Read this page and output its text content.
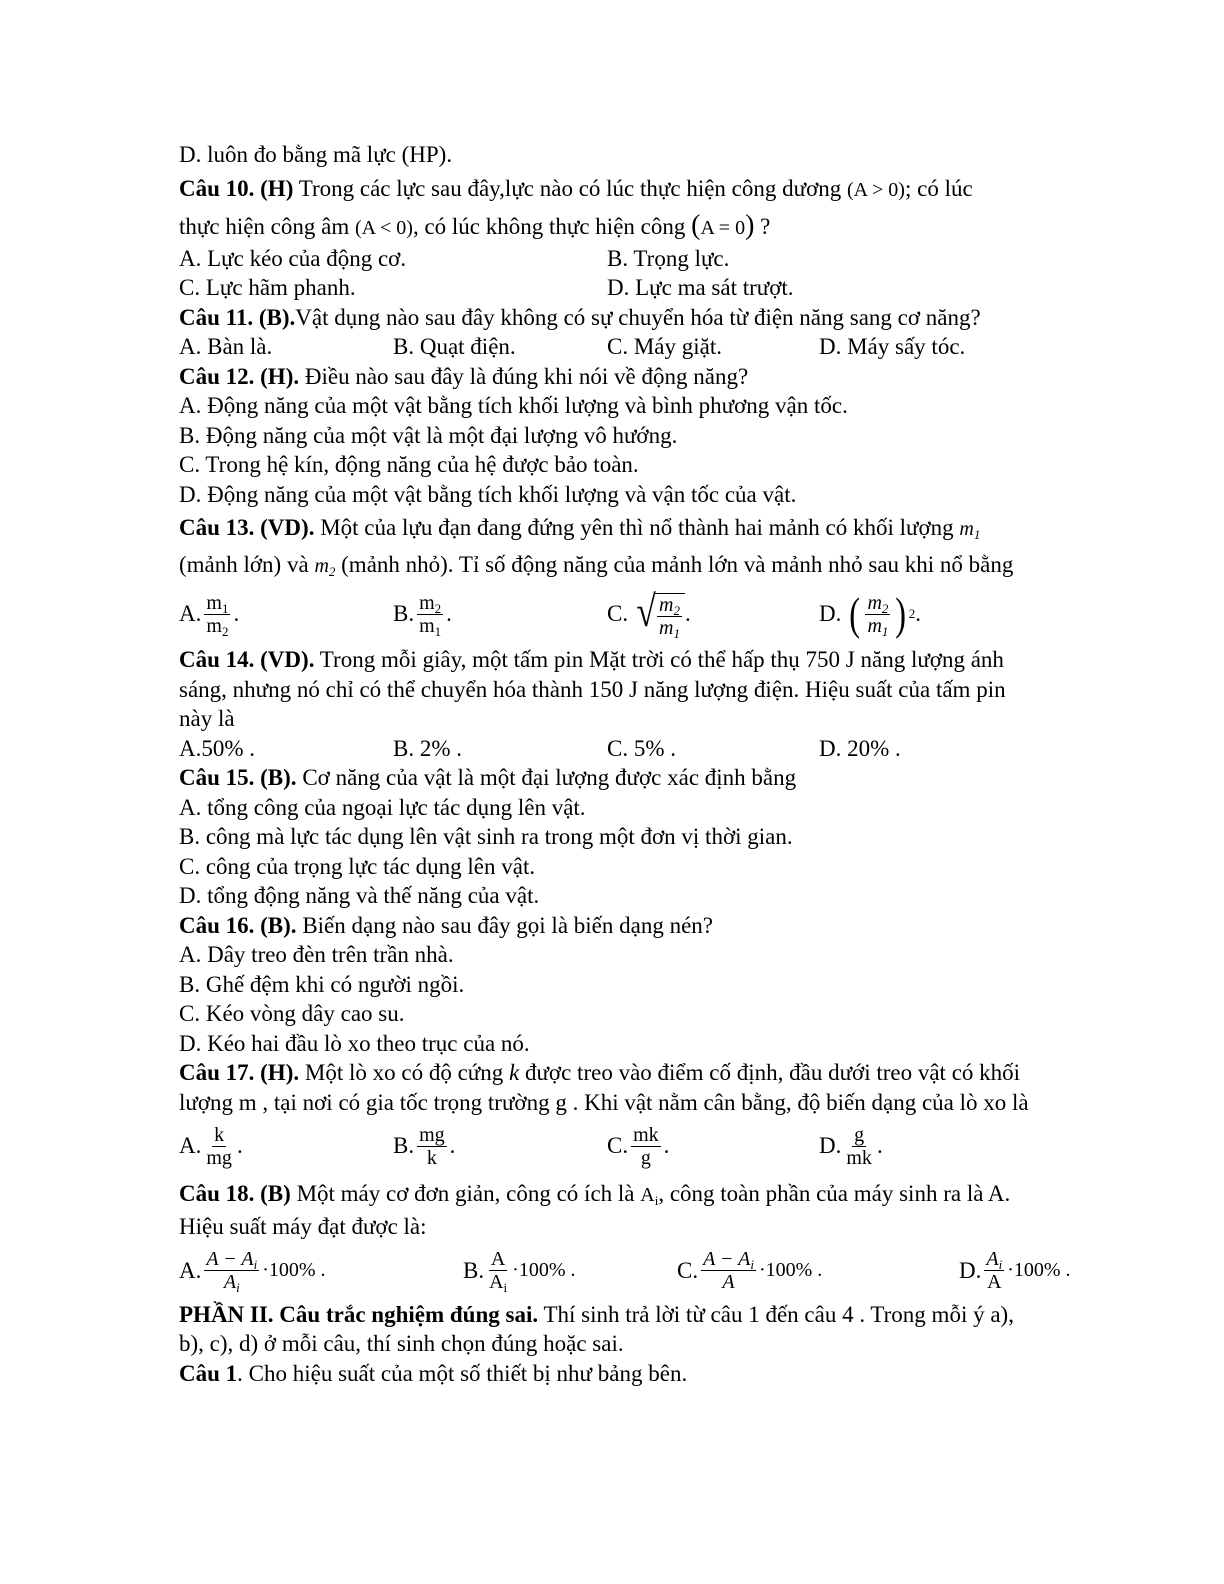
D. luôn đo bằng mã lực (HP).
Câu 10. (H) Trong các lực sau đây,lực nào có lúc thực hiện công dương (A > 0); có lúc
thực hiện công âm (A < 0), có lúc không thực hiện công (A = 0) ?
A. Lực kéo của động cơ.	B. Trọng lực.
C. Lực hãm phanh.	D. Lực ma sát trượt.
Câu 11. (B).Vật dụng nào sau đây không có sự chuyển hóa từ điện năng sang cơ năng?
A. Bàn là.	B. Quạt điện.	C. Máy giặt.	D. Máy sấy tóc.
Câu 12. (H). Điều nào sau đây là đúng khi nói về động năng?
A. Động năng của một vật bằng tích khối lượng và bình phương vận tốc.
B. Động năng của một vật là một đại lượng vô hướng.
C. Trong hệ kín, động năng của hệ được bảo toàn.
D. Động năng của một vật bằng tích khối lượng và vận tốc của vật.
Câu 13. (VD). Một của lựu đạn đang đứng yên thì nổ thành hai mảnh có khối lượng $m_1$
(mảnh lớn) và $m_2$ (mảnh nhỏ). Tỉ số động năng của mảnh lớn và mảnh nhỏ sau khi nổ bằng
A. $\frac{m_1}{m_2}$ .	B. $\frac{m_2}{m_1}$ .	C.
√ $\frac{m_2}{m_1}$ .	D.
( $\frac{m_2}{m_1}$ ) 2 .
Câu 14. (VD). Trong mỗi giây, một tấm pin Mặt trời có thể hấp thụ 750 J năng lượng ánh
sáng, nhưng nó chỉ có thể chuyển hóa thành 150 J năng lượng điện. Hiệu suất của tấm pin
này là
A.50% .	B. 2% .	C. 5% .	D. 20% .
Câu 15. (B). Cơ năng của vật là một đại lượng được xác định bằng
A. tổng công của ngoại lực tác dụng lên vật.
B. công mà lực tác dụng lên vật sinh ra trong một đơn vị thời gian.
C. công của trọng lực tác dụng lên vật.
D. tổng động năng và thế năng của vật.
Câu 16. (B). Biến dạng nào sau đây gọi là biến dạng nén?
A. Dây treo đèn trên trần nhà.
B. Ghế đệm khi có người ngồi.
C. Kéo vòng dây cao su.
D. Kéo hai đầu lò xo theo trục của nó.
Câu 17. (H). Một lò xo có độ cứng k được treo vào điểm cố định, đầu dưới treo vật có khối
lượng m , tại nơi có gia tốc trọng trường g . Khi vật nằm cân bằng, độ biến dạng của lò xo là
A. $\frac{k}{mg}$ .	B. $\frac{mg}{k}$ .	C. $\frac{mk}{g}$ .	D. $\frac{g}{mk}$ .
Câu 18. (B) Một máy cơ đơn giản, công có ích là $A_i$, công toàn phần của máy sinh ra là A.
Hiệu suất máy đạt được là:
A. $\frac{A - A_i}{A_i} \cdot 100\%$ .	B. $\frac{A}{A_i} \cdot 100\%$ .	C. $\frac{A - A_i}{A} \cdot 100\%$ .	D. $\frac{A_i}{A} \cdot 100\%$ .
PHẦN II. Câu trắc nghiệm đúng sai. Thí sinh trả lời từ câu 1 đến câu 4 . Trong mỗi ý a),
b), c), d) ở mỗi câu, thí sinh chọn đúng hoặc sai.
Câu 1. Cho hiệu suất của một số thiết bị như bảng bên.
